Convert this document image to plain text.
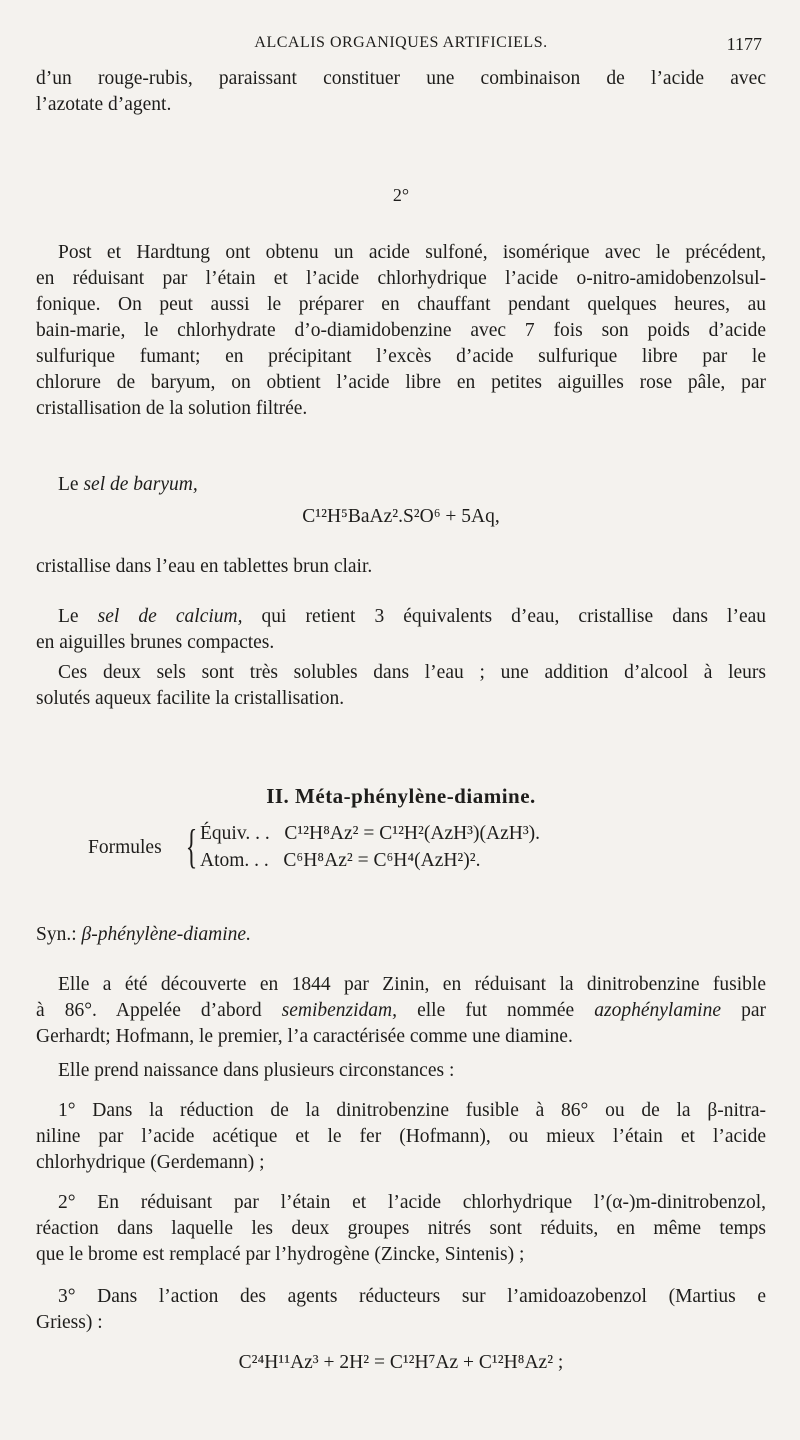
ALCALIS ORGANIQUES ARTIFICIELS.	1177
d’un rouge-rubis, paraissant constituer une combinaison de l’acide avec
l’azotate d’agent.
2°
Post et Hardtung ont obtenu un acide sulfoné, isomérique avec le précédent,
en réduisant par l’étain et l’acide chlorhydrique l’acide o-nitro-amidobenzolsul-
fonique. On peut aussi le préparer en chauffant pendant quelques heures, au
bain-marie, le chlorhydrate d’o-diamidobenzine avec 7 fois son poids d’acide
sulfurique fumant; en précipitant l’excès d’acide sulfurique libre par le
chlorure de baryum, on obtient l’acide libre en petites aiguilles rose pâle, par
cristallisation de la solution filtrée.
Le sel de baryum,
C¹²H⁵BaAz².S²O⁶ + 5Aq,
cristallise dans l’eau en tablettes brun clair.
Le sel de calcium, qui retient 3 équivalents d’eau, cristallise dans l’eau
en aiguilles brunes compactes.
Ces deux sels sont très solubles dans l’eau ; une addition d’alcool à leurs
solutés aqueux facilite la cristallisation.
II. Méta-phénylène-diamine.
Formules { Équiv. . . C¹²H⁸Az² = C¹²H²(AzH³)(AzH³).
Atom. . . C⁶H⁸Az² = C⁶H⁴(AzH²)².
Syn.: β-phénylène-diamine.
Elle a été découverte en 1844 par Zinin, en réduisant la dinitrobenzine fusible
à 86°. Appelée d’abord semibenzidam, elle fut nommée azophénylamine par
Gerhardt; Hofmann, le premier, l’a caractérisée comme une diamine.
Elle prend naissance dans plusieurs circonstances :
1° Dans la réduction de la dinitrobenzine fusible à 86° ou de la β-nitra-
niline par l’acide acétique et le fer (Hofmann), ou mieux l’étain et l’acide
chlorhydrique (Gerdemann) ;
2° En réduisant par l’étain et l’acide chlorhydrique l’(α-)m-dinitrobenzol,
réaction dans laquelle les deux groupes nitrés sont réduits, en même temps
que le brome est remplacé par l’hydrogène (Zincke, Sintenis) ;
3° Dans l’action des agents réducteurs sur l’amidoazobenzol (Martius e
Griess) :
C²⁴H¹¹Az³ + 2H² = C¹²H⁷Az + C¹²H⁸Az² ;
